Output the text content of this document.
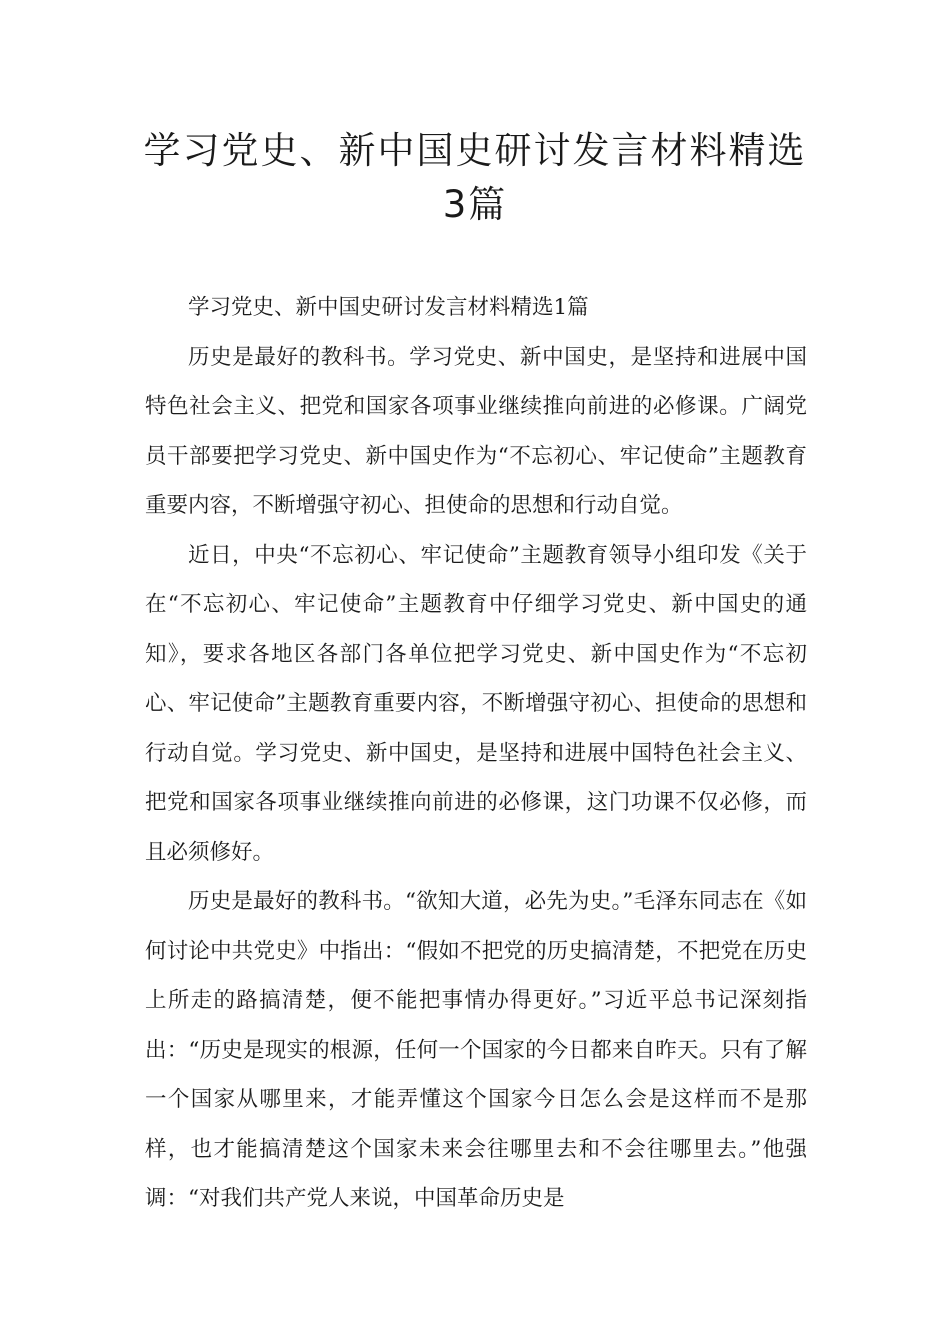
学习党史、新中国史研讨发言材料精选
3篇

学习党史、新中国史研讨发言材料精选1篇

历史是最好的教科书。学习党史、新中国史，是坚持和进展中国特色社会主义、把党和国家各项事业继续推向前进的必修课。广阔党员干部要把学习党史、新中国史作为“不忘初心、牢记使命”主题教育重要内容，不断增强守初心、担使命的思想和行动自觉。

近日，中央“不忘初心、牢记使命”主题教育领导小组印发《关于在“不忘初心、牢记使命”主题教育中仔细学习党史、新中国史的通知》，要求各地区各部门各单位把学习党史、新中国史作为“不忘初心、牢记使命”主题教育重要内容，不断增强守初心、担使命的思想和行动自觉。学习党史、新中国史，是坚持和进展中国特色社会主义、把党和国家各项事业继续推向前进的必修课，这门功课不仅必修，而且必须修好。

历史是最好的教科书。“欲知大道，必先为史。”毛泽东同志在《如何讨论中共党史》中指出：“假如不把党的历史搞清楚，不把党在历史上所走的路搞清楚，便不能把事情办得更好。”习近平总书记深刻指出：“历史是现实的根源，任何一个国家的今日都来自昨天。只有了解一个国家从哪里来，才能弄懂这个国家今日怎么会是这样而不是那样，也才能搞清楚这个国家未来会往哪里去和不会往哪里去。”他强调：“对我们共产党人来说，中国革命历史是
